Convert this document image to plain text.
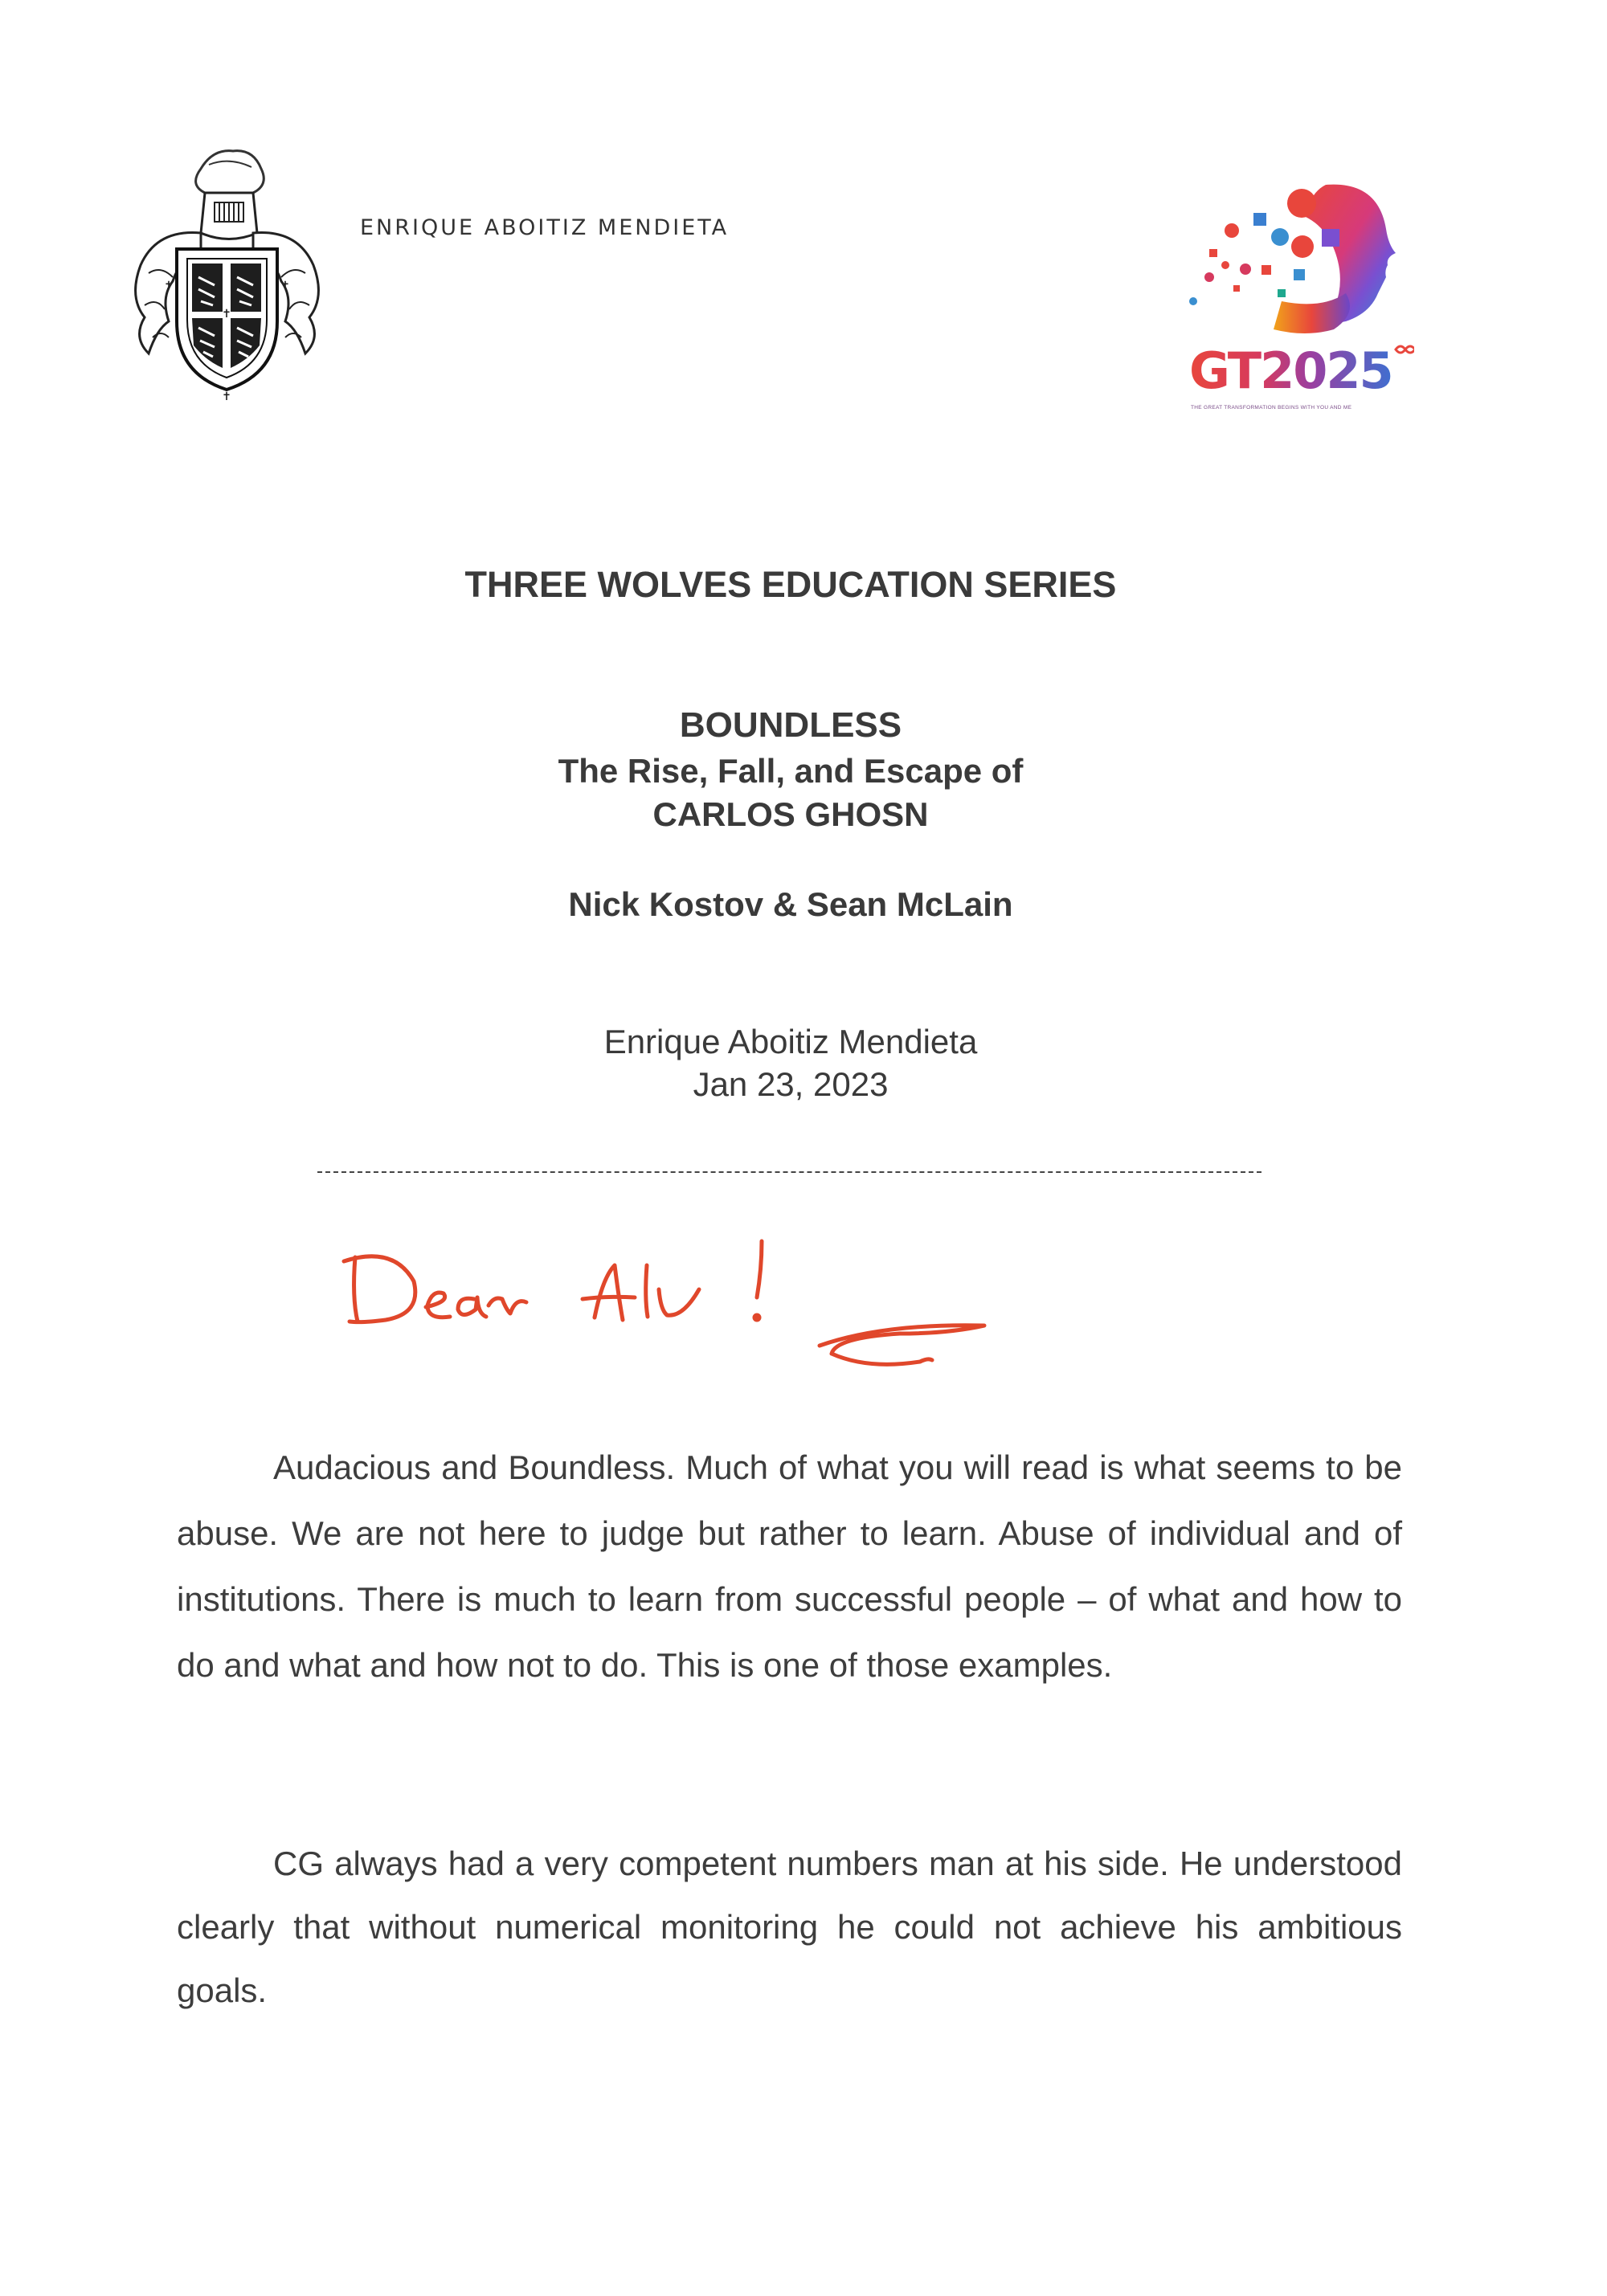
✝
✝	✝
✝
ENRIQUE ABOITIZ MENDIETA
GT2025
THE GREAT TRANSFORMATION BEGINS WITH YOU AND ME
THREE WOLVES EDUCATION SERIES
BOUNDLESS
The Rise, Fall, and Escape of
CARLOS GHOSN
Nick Kostov & Sean McLain
Enrique Aboitiz Mendieta
Jan 23, 2023
Audacious and Boundless. Much of what you will read is what seems to be abuse. We are not here to judge but rather to learn. Abuse of individual and of institutions. There is much to learn from successful people – of what and how to do and what and how not to do. This is one of those examples.
CG always had a very competent numbers man at his side. He understood clearly that without numerical monitoring he could not achieve his ambitious goals.
